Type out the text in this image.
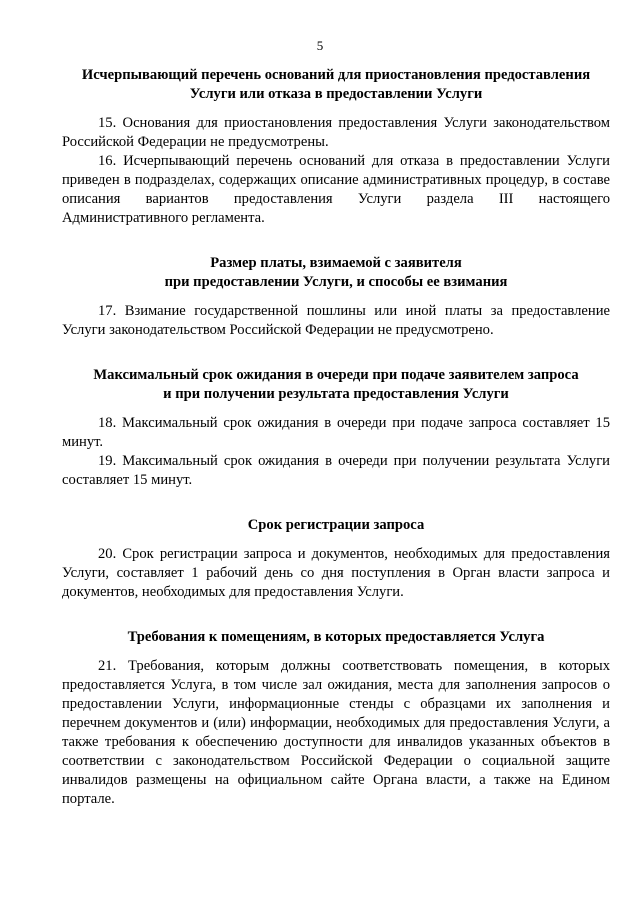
5

Исчерпывающий перечень оснований для приостановления предоставления

Услуги или отказа в предоставлении Услуги

15. Основания для приостановления предоставления Услуги законодательством Российской Федерации не предусмотрены.

16. Исчерпывающий перечень оснований для отказа в предоставлении Услуги приведен в подразделах, содержащих описание административных процедур, в составе описания вариантов предоставления Услуги раздела III настоящего Административного регламента.

Размер платы, взимаемой с заявителя

при предоставлении Услуги, и способы ее взимания

17. Взимание государственной пошлины или иной платы за предоставление Услуги законодательством Российской Федерации не предусмотрено.

Максимальный срок ожидания в очереди при подаче заявителем запроса

и при получении результата предоставления Услуги

18. Максимальный срок ожидания в очереди при подаче запроса составляет 15 минут.

19. Максимальный срок ожидания в очереди при получении результата Услуги составляет 15 минут.

Срок регистрации запроса

20. Срок регистрации запроса и документов, необходимых для предоставления Услуги, составляет 1 рабочий день со дня поступления в Орган власти запроса и документов, необходимых для предоставления Услуги.

Требования к помещениям, в которых предоставляется Услуга

21. Требования, которым должны соответствовать помещения, в которых предоставляется Услуга, в том числе зал ожидания, места для заполнения запросов о предоставлении Услуги, информационные стенды с образцами их заполнения и перечнем документов и (или) информации, необходимых для предоставления Услуги, а также требования к обеспечению доступности для инвалидов указанных объектов в соответствии с законодательством Российской Федерации о социальной защите инвалидов размещены на официальном сайте Органа власти, а также на Едином портале.
